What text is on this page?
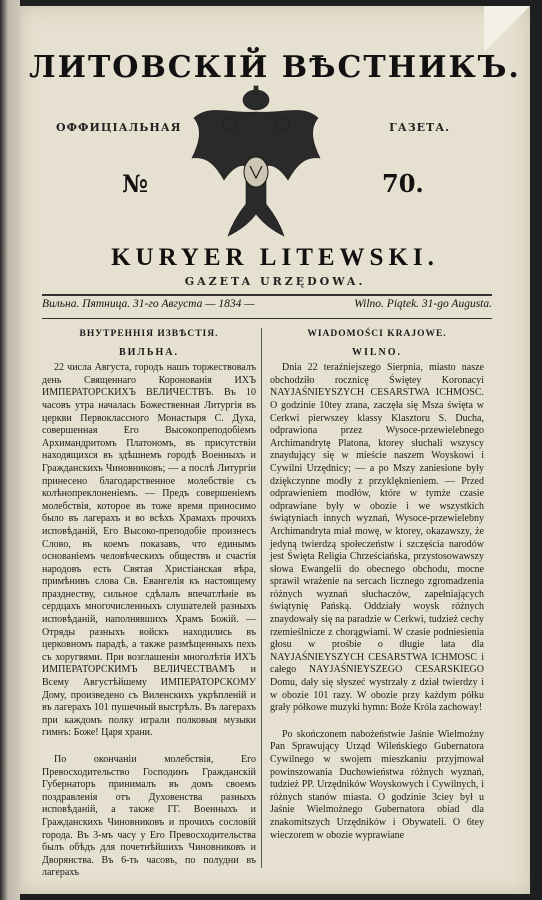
ЛИТОВСКІЙ ВѢСТНИКЪ.
ОФФИЦІАЛЬНАЯ	ГАЗЕТА.
№	70.
KURYER LITEWSKI.
GAZETA URZĘDOWA.
Вильна. Пятница. 31-го Августа — 1834 —	Wilno. Piątek. 31-go Augusta.
ВНУТРЕННІЯ ИЗВѢСТІЯ.
ВИЛЬНА.

22 числа Августа, городъ нашъ торжествовалъ день Священнаго Коронованія ИХЪ ИМПЕРАТОРСКИХЪ ВЕЛИЧЕСТВЪ. Въ 10 часовъ утра началась Божественная Литургія въ церкви Первоклассного Монастыря С. Духа, совершенная Его Высокопреподобіемъ Архимандритомъ Платономъ, въ присутствіи находящихся въ здѣшнемъ городѣ Военныхъ и Гражданскихъ Чиновниковъ; — а послѣ Литургіи принесено благодарственное молебствіе съ колѣнопреклоненіемъ. — Предъ совершеніемъ молебствія, которое въ тоже время приносимо было въ лагерахъ и во всѣхъ Храмахъ прочихъ исповѣданій, Его Высоко-преподобіе произнесъ Слово, въ коемъ показавъ, что единымъ основаніемъ человѣческихъ обществъ и счастія народовъ есть Святая Христіанская вѣра, примѣнивъ слова Св. Евангелія къ настоящему празднеству, сильное сдѣлалъ впечатлѣніе въ сердцахъ многочисленныхъ слушателей разныхъ исповѣданій, наполнявшихъ Храмъ Божій. — Отряды разныхъ войскъ находились въ церковномъ парадѣ, а также размѣщенныхъ пехъ съ хоругвями. При возглашеніи многолѣтія ИХЪ ИМПЕРАТОРСКИМЪ ВЕЛИЧЕСТВАМЪ и Всему Августѣйшему ИМПЕРАТОРСКОМУ Дому, произведено съ Виленскихъ укрѣпленій и въ лагерахъ 101 пушечный выстрѣлъ. Въ лагерахъ при каждомъ полку играли полковыя музыки гимнъ: Боже! Царя храни.

По окончаніи молебствія, Его Превосходительство Господинъ Гражданскій Губернаторъ принималъ въ домъ своемъ поздравленія отъ Духовенства разныхъ исповѣданій, а также ГГ. Военныхъ и Гражданскихъ Чиновниковъ и прочихъ сословій города. Въ 3-мъ часу у Его Превосходительства былъ обѣдъ для почетнѣйшихъ Чиновниковъ и Дворянства. Въ 6-ть часовъ, по полудни въ лагерахъ

WIADOMOŚCI KRAJOWE.
WILNO.

Dnia 22 teraźniejszego Sierpnia, miasto nasze obchodziło rocznicę Świętey Koronacyi NAYJAŚNIEYSZYCH CESARSTWA ICHMOSC. O godzinie 10tey zrana, zaczęła się Msza święta w Cerkwi pierwszey klassy Klasztoru S. Ducha, odprawiona przez Wysoce-przewielebnego Archimandrytę Platona, ktorey słuchali wszyscy znaydujący się w mieście naszem Woyskowi i Cywilni Urzędnicy; — a po Mszy zaniesione były dziękczynne modły z przyklęknieniem. — Przed odprawieniem modłów, które w tymże czasie odprawiane były w obozie i we wszystkich świątyniach innych wyznań, Wysoce-przewielebny Archimandryta miał mowę, w ktorey, okazawszy, że jedyną twierdzą społeczeństw i szczęścia narodów jest Święta Religia Chrześciańska, przystosowawszy słowa Ewangelii do obecnego obchodu, mocne sprawił wrażenie na sercach licznego zgromadzenia różnych wyznań słuchaczów, zapełniających świątynię Pańską. Oddziały woysk różnych znaydowały się na paradzie w Cerkwi, tudzież cechy rzemieślnicze z chorągwiami. W czasie podniesienia głosu w prośbie o długie lata dla NAYJAŚNIEYSZYCH CESARSTWA ICHMOSC i całego NAYJAŚNIEYSZEGO CESARSKIEGO Domu, dały się słyszeć wystrzały z dział twierdzy i w obozie 101 razy. W obozie przy każdym półku grały półkowe muzyki hymn: Boże Króla zachoway!

Po skończonem nabożeństwie Jaśnie Wielmożny Pan Sprawujący Urząd Wileńskiego Gubernatora Cywilnego w swojem mieszkaniu przyjmował powinszowania Duchowieństwa różnych wyznań, tudzież PP. Urzędników Woyskowych i Cywilnych, i różnych stanów miasta. O godzinie 3ciey był u Jaśnie Wielmożnego Gubernatora obiad dla znakomitszych Urzędników i Obywateli. O 6tey wieczorem w obozie wyprawiane
